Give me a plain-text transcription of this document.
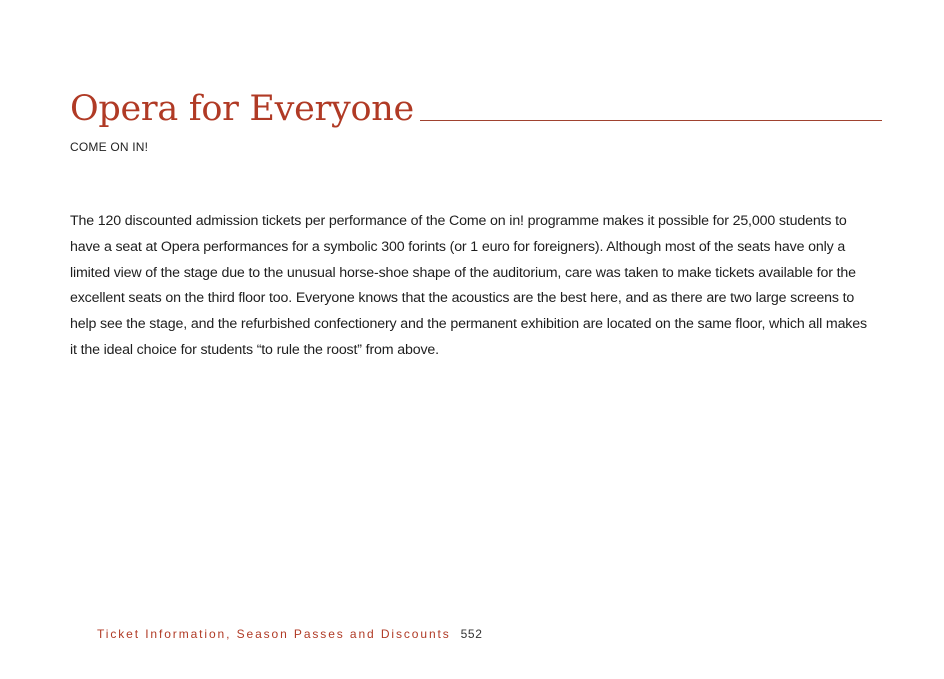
Opera for Everyone
COME ON IN!

The 120 discounted admission tickets per performance of the Come on in! programme makes it possible for 25,000 students to have a seat at Opera performances for a symbolic 300 forints (or 1 euro for foreigners). Although most of the seats have only a limited view of the stage due to the unusual horse-shoe shape of the auditorium, care was taken to make tickets available for the excellent seats on the third floor too. Everyone knows that the acoustics are the best here, and as there are two large screens to help see the stage, and the refurbished confectionery and the permanent exhibition are located on the same floor, which all makes it the ideal choice for students “to rule the roost” from above.

Ticket Information, Season Passes and Discounts 552
